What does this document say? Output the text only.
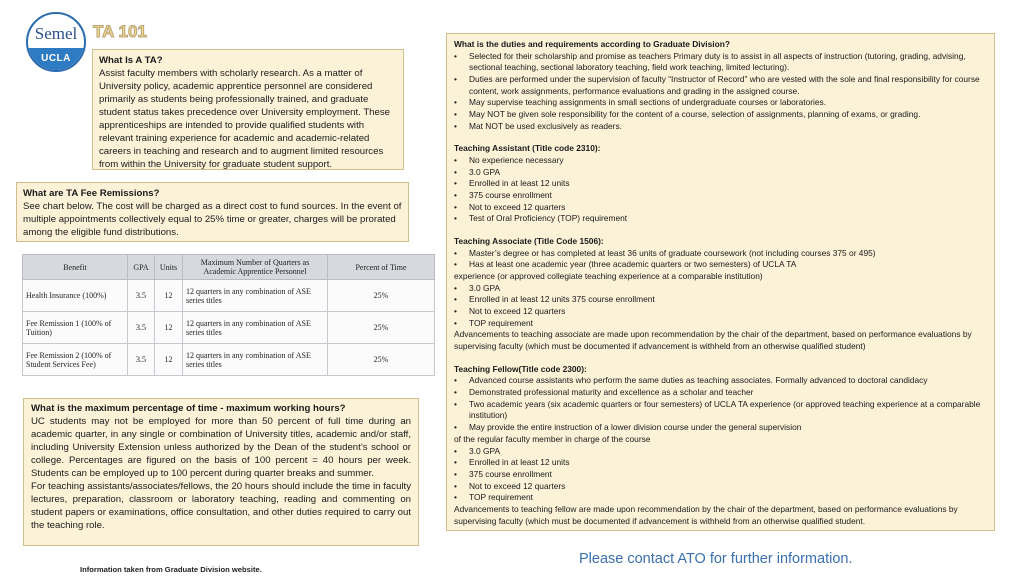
Semel
UCLA
TA 101
What Is A TA?
Assist faculty members with scholarly research. As a matter of University policy, academic apprentice personnel are considered primarily as students being professionally trained, and graduate student status takes precedence over University employment. These apprenticeships are intended to provide qualified students with relevant training experience for academic and academic-related careers in teaching and research and to augment limited resources from within the University for graduate student support.
What are TA Fee Remissions?
See chart below. The cost will be charged as a direct cost to fund sources. In the event of multiple appointments collectively equal to 25% time or greater, charges will be prorated among the eligible fund distributions.
Benefit	GPA	Units	Maximum Number of Quarters as Academic Apprentice Personnel	Percent of Time
Health Insurance (100%)	3.5	12	12 quarters in any combination of ASE series titles	25%
Fee Remission 1 (100% of Tuition)	3.5	12	12 quarters in any combination of ASE series titles	25%
Fee Remission 2 (100% of Student Services Fee)	3.5	12	12 quarters in any combination of ASE series titles	25%
What is the maximum percentage of time - maximum working hours?
UC students may not be employed for more than 50 percent of full time during an academic quarter, in any single or combination of University titles, academic and/or staff, including University Extension unless authorized by the Dean of the student’s school or college. Percentages are figured on the basis of 100 percent = 40 hours per week. Students can be employed up to 100 percent during quarter breaks and summer.
For teaching assistants/associates/fellows, the 20 hours should include the time in faculty lectures, preparation, classroom or laboratory teaching, reading and commenting on student papers or examinations, office consultation, and other duties required to carry out the teaching role.
What is the duties and requirements according to Graduate Division?
•	Selected for their scholarship and promise as teachers Primary duty is to assist in all aspects of instruction (tutoring, grading, advising, sectional teaching, sectional laboratory teaching, field work teaching, limited lecturing).
•	Duties are performed under the supervision of faculty “Instructor of Record” who are vested with the sole and final responsibility for course content, work assignments, performance evaluations and grading in the assigned course.
•	May supervise teaching assignments in small sections of undergraduate courses or laboratories.
•	May NOT be given sole responsibility for the content of a course, selection of assignments, planning of exams, or grading.
•	Mat NOT be used exclusively as readers.
Teaching Assistant (Title code 2310):
•	No experience necessary
•	3.0 GPA
•	Enrolled in at least 12 units
•	375 course enrollment
•	Not to exceed 12 quarters
•	Test of Oral Proficiency (TOP) requirement
Teaching Associate (Title Code 1506):
•	Master’s degree or has completed at least 36 units of graduate coursework (not including courses 375 or 495)
•	Has at least one academic year (three academic quarters or two semesters) of UCLA TA
experience (or approved collegiate teaching experience at a comparable institution)
•	3.0 GPA
•	Enrolled in at least 12 units 375 course enrollment
•	Not to exceed 12 quarters
•	TOP requirement
Advancements to teaching associate are made upon recommendation by the chair of the department, based on performance evaluations by supervising faculty (which must be documented if advancement is withheld from an otherwise qualified student)
Teaching Fellow(Title code 2300):
•	Advanced course assistants who perform the same duties as teaching associates. Formally advanced to doctoral candidacy
•	Demonstrated professional maturity and excellence as a scholar and teacher
•	Two academic years (six academic quarters or four semesters) of UCLA TA experience (or approved teaching experience at a comparable institution)
•	May provide the entire instruction of a lower division course under the general supervision
of the regular faculty member in charge of the course
•	3.0 GPA
•	Enrolled in at least 12 units
•	375 course enrollment
•	Not to exceed 12 quarters
•	TOP requirement
Advancements to teaching fellow are made upon recommendation by the chair of the department, based on performance evaluations by supervising faculty (which must be documented if advancement is withheld from an otherwise qualified student.
Please contact ATO for further information.
Information taken from Graduate Division website.
